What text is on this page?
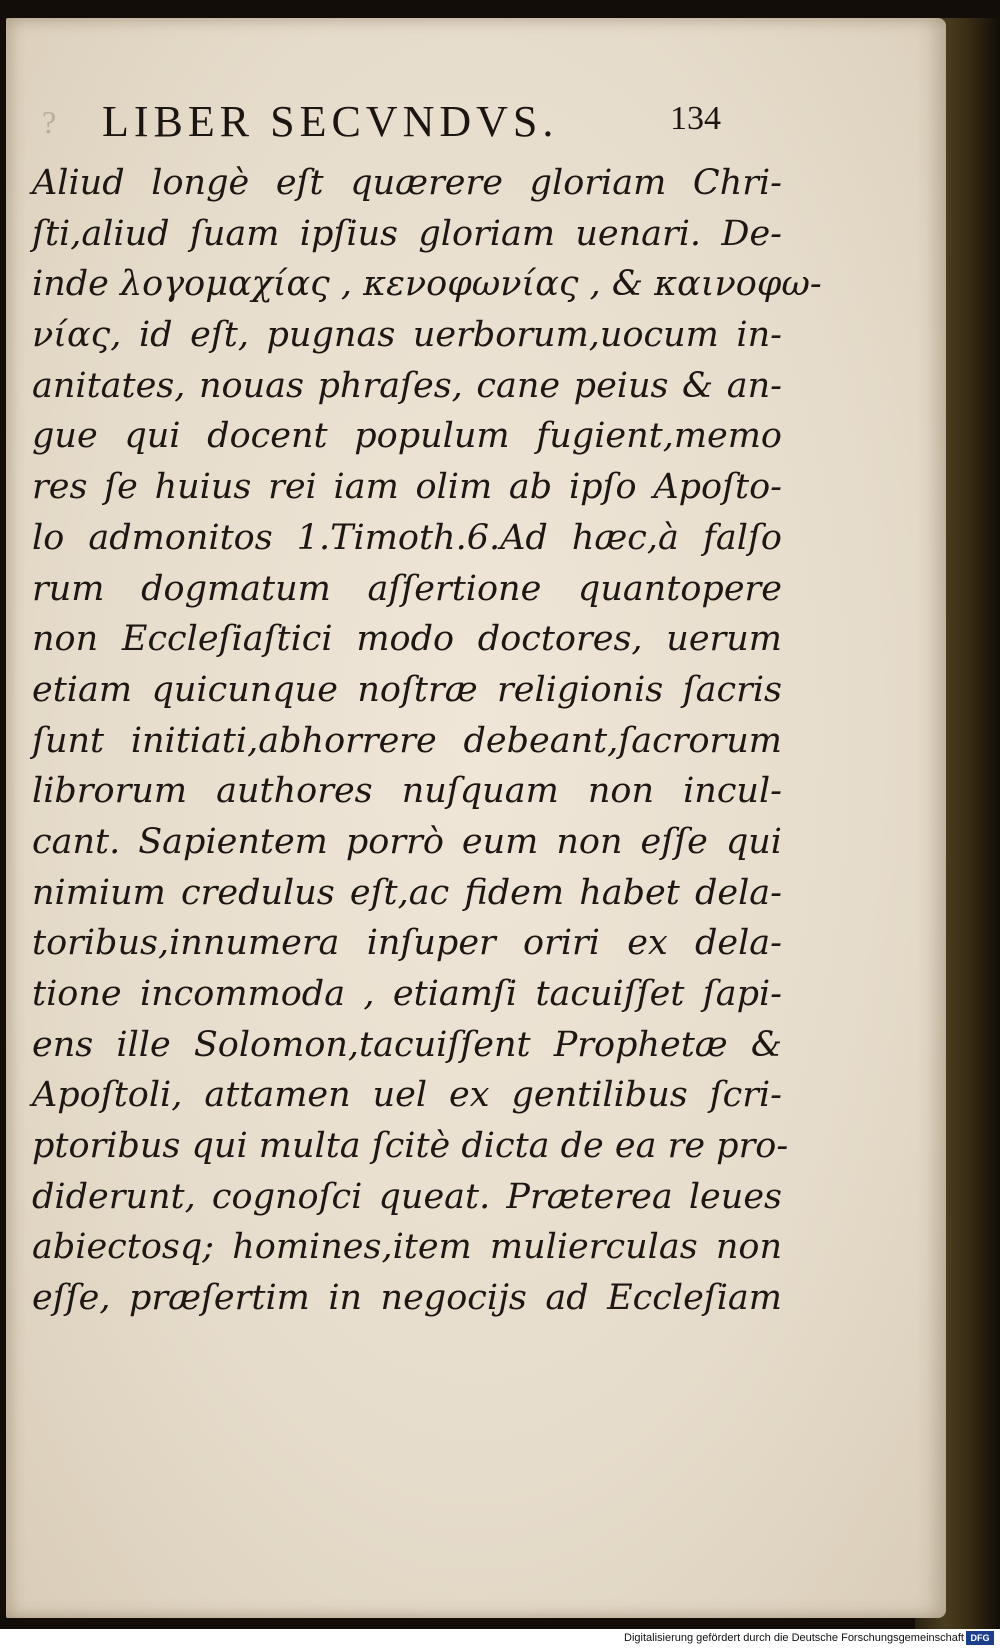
? LIBER SECVNDVS.	134
Aliud longè eſt quærere gloriam Chri-
ſti,aliud ſuam ipſius gloriam uenari. De-
inde λογομαχίας , κενοφωνίας , & καινοφω-
νίας, id eſt, pugnas uerborum,uocum in-
anitates, nouas phraſes, cane peius & an-
gue qui docent populum fugient,memo
res ſe huius rei iam olim ab ipſo Apoſto-
lo admonitos 1.Timoth.6.Ad hæc,à falſo
rum dogmatum aſſertione quantopere
non Eccleſiaſtici modo doctores, uerum
etiam quicunque noſtræ religionis ſacris
ſunt initiati,abhorrere debeant,ſacrorum
librorum authores nuſquam non incul-
cant. Sapientem porrò eum non eſſe qui
nimium credulus eſt,ac fidem habet dela-
toribus,innumera inſuper oriri ex dela-
tione incommoda , etiamſi tacuiſſet ſapi-
ens ille Solomon,tacuiſſent Prophetæ &
Apoſtoli, attamen uel ex gentilibus ſcri-
ptoribus qui multa ſcitè dicta de ea re pro-
diderunt, cognoſci queat. Præterea leues
abiectosq; homines,item mulierculas non
eſſe, præſertim in negocijs ad Eccleſiam
Digitalisierung gefördert durch die Deutsche Forschungsgemeinschaft DFG
